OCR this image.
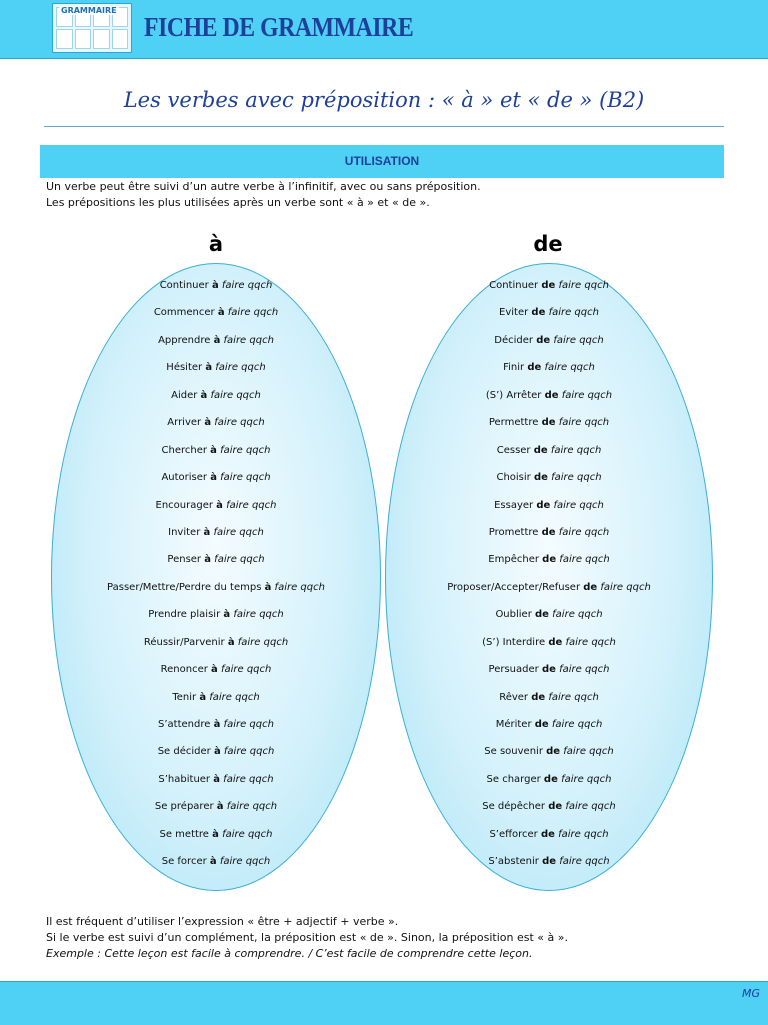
GRAMMAIRE
FICHE DE GRAMMAIRE
Les verbes avec préposition : « à » et « de » (B2)
UTILISATION

Un verbe peut être suivi d’un autre verbe à l’infinitif, avec ou sans préposition.

Les prépositions les plus utilisées après un verbe sont « à » et « de ».

à	de
Continuer à faire qqch
Commencer à faire qqch
Apprendre à faire qqch
Hésiter à faire qqch
Aider à faire qqch
Arriver à faire qqch
Chercher à faire qqch
Autoriser à faire qqch
Encourager à faire qqch
Inviter à faire qqch
Penser à faire qqch
Passer/Mettre/Perdre du temps à faire qqch
Prendre plaisir à faire qqch
Réussir/Parvenir à faire qqch
Renoncer à faire qqch
Tenir à faire qqch
S’attendre à faire qqch
Se décider à faire qqch
S’habituer à faire qqch
Se préparer à faire qqch
Se mettre à faire qqch
Se forcer à faire qqch
Continuer de faire qqch
Eviter de faire qqch
Décider de faire qqch
Finir de faire qqch
(S’) Arrêter de faire qqch
Permettre de faire qqch
Cesser de faire qqch
Choisir de faire qqch
Essayer de faire qqch
Promettre de faire qqch
Empêcher de faire qqch
Proposer/Accepter/Refuser de faire qqch
Oublier de faire qqch
(S’) Interdire de faire qqch
Persuader de faire qqch
Rêver de faire qqch
Mériter de faire qqch
Se souvenir de faire qqch
Se charger de faire qqch
Se dépêcher de faire qqch
S’efforcer de faire qqch
S’abstenir de faire qqch

Il est fréquent d’utiliser l’expression « être + adjectif + verbe ».

Si le verbe est suivi d’un complément, la préposition est « de ». Sinon, la préposition est « à ».

Exemple : Cette leçon est facile à comprendre. / C’est facile de comprendre cette leçon.

MG
